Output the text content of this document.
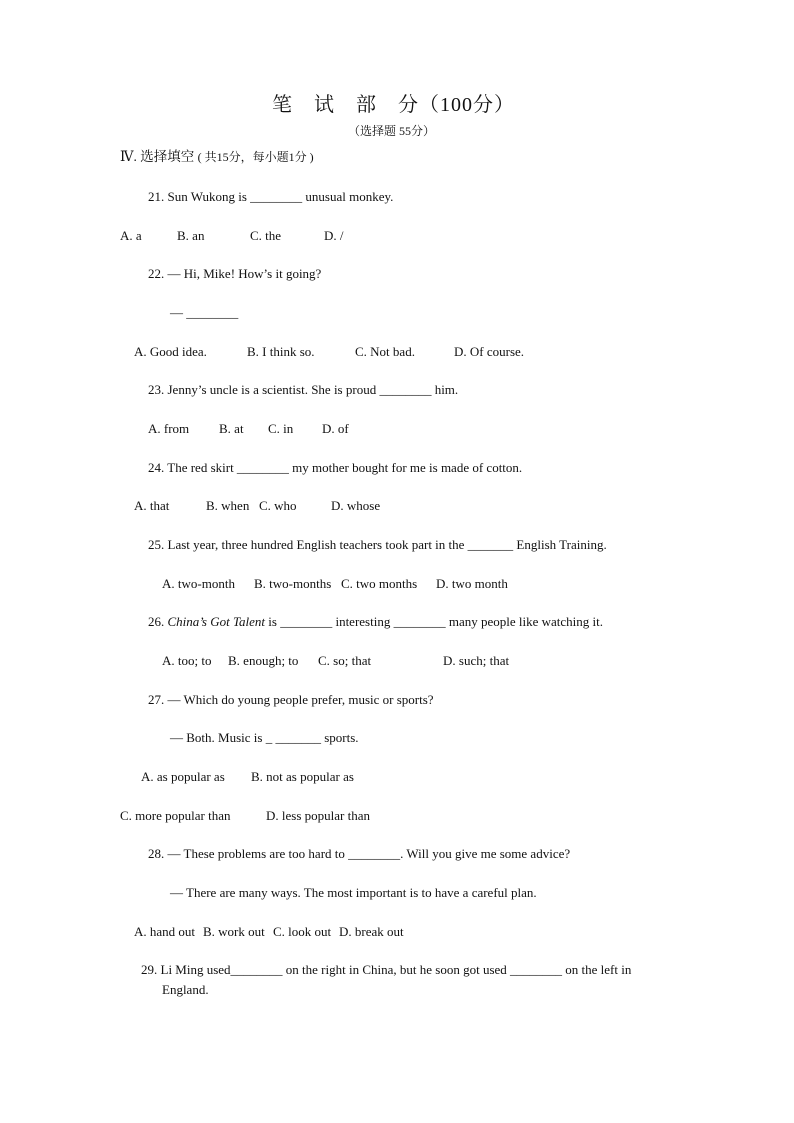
笔　试　部　分（100分）
（选择题 55分）
Ⅳ. 选择填空 ( 共15分，每小题1分 )
21. Sun Wukong is ________ unusual monkey.
A. a	B. an	C. the	D. /
22. — Hi, Mike! How’s it going?
— ________
A. Good idea.	B. I think so.	C. Not bad.	D. Of course.
23. Jenny’s uncle is a scientist. She is proud ________ him.
A. from B. at C. in D. of
24. The red skirt ________ my mother bought for me is made of cotton.
A. that	B. when C. who	D. whose
25. Last year, three hundred English teachers took part in the _______ English Training.
A. two-month B. two-months C. two months D. two month
26. China’s Got Talent is ________ interesting ________ many people like watching it.
A. too; to B. enough; to C. so; that	D. such; that
27. — Which do young people prefer, music or sports?
— Both. Music is _ _______ sports.
A. as popular as B. not as popular as
C. more popular than	D. less popular than
28. — These problems are too hard to ________. Will you give me some advice?
— There are many ways. The most important is to have a careful plan.
A. hand out B. work out C. look out D. break out
29. Li Ming used________ on the right in China, but he soon got used ________ on the left in
England.
